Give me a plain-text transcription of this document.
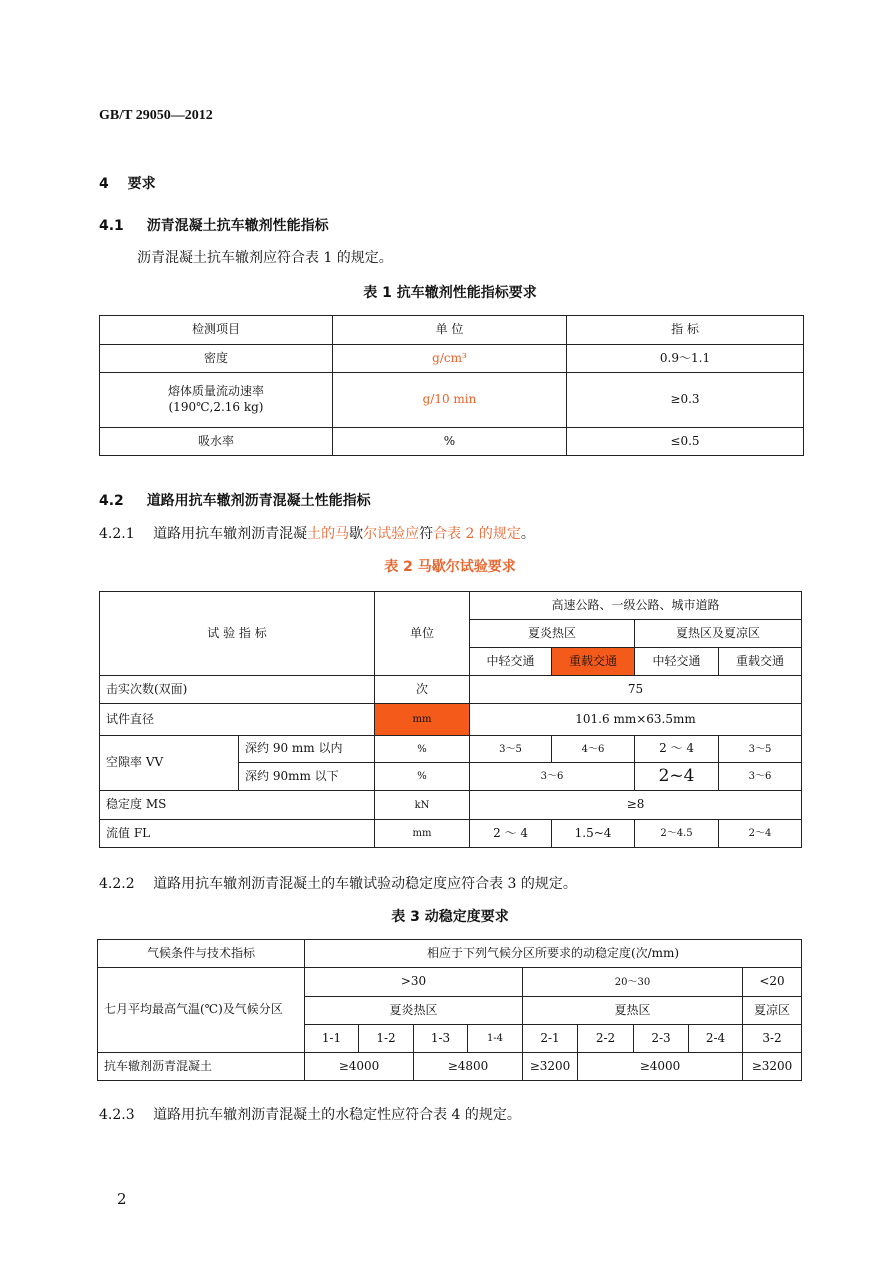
GB/T 29050—2012
4 要求
4.1 沥青混凝土抗车辙剂性能指标
沥青混凝土抗车辙剂应符合表 1 的规定。
表 1 抗车辙剂性能指标要求
检测项目	单 位	指 标
密度	g/cm³	0.9～1.1

熔体质量流动速率
(190℃,2.16 kg)	g/10 min	≥0.3
吸水率	%	≤0.5
4.2 道路用抗车辙剂沥青混凝土性能指标
4.2.1 道路用抗车辙剂沥青混凝土的马歇尔试验应符合表 2 的规定。
表 2 马歇尔试验要求
试 验 指 标		单位	高速公路、一级公路、城市道路			
			夏炎热区		夏热区及夏凉区	
			中轻交通	重载交通	中轻交通	重载交通
击实次数(双面)		次	75			
试件直径		mm	101.6 mm×63.5mm			
空隙率 VV	深约 90 mm 以内	%	3～5	4～6	2 ～ 4	3～5
	深约 90mm 以下	%	3～6		2~4	3～6
稳定度 MS		kN	≥8			
流值 FL		mm	2 ～ 4	1.5~4	2～4.5	2～4
4.2.2 道路用抗车辙剂沥青混凝土的车辙试验动稳定度应符合表 3 的规定。
表 3 动稳定度要求
气候条件与技术指标	相应于下列气候分区所要求的动稳定度(次/mm)								
七月平均最高气温(℃)及气候分区	>30				20～30				<20
	夏炎热区				夏热区				夏凉区
	1-1	1-2	1-3	1-4	2-1	2-2	2-3	2-4	3-2
抗车辙剂沥青混凝土	≥4000		≥4800		≥3200	≥4000			≥3200
4.2.3 道路用抗车辙剂沥青混凝土的水稳定性应符合表 4 的规定。
2
